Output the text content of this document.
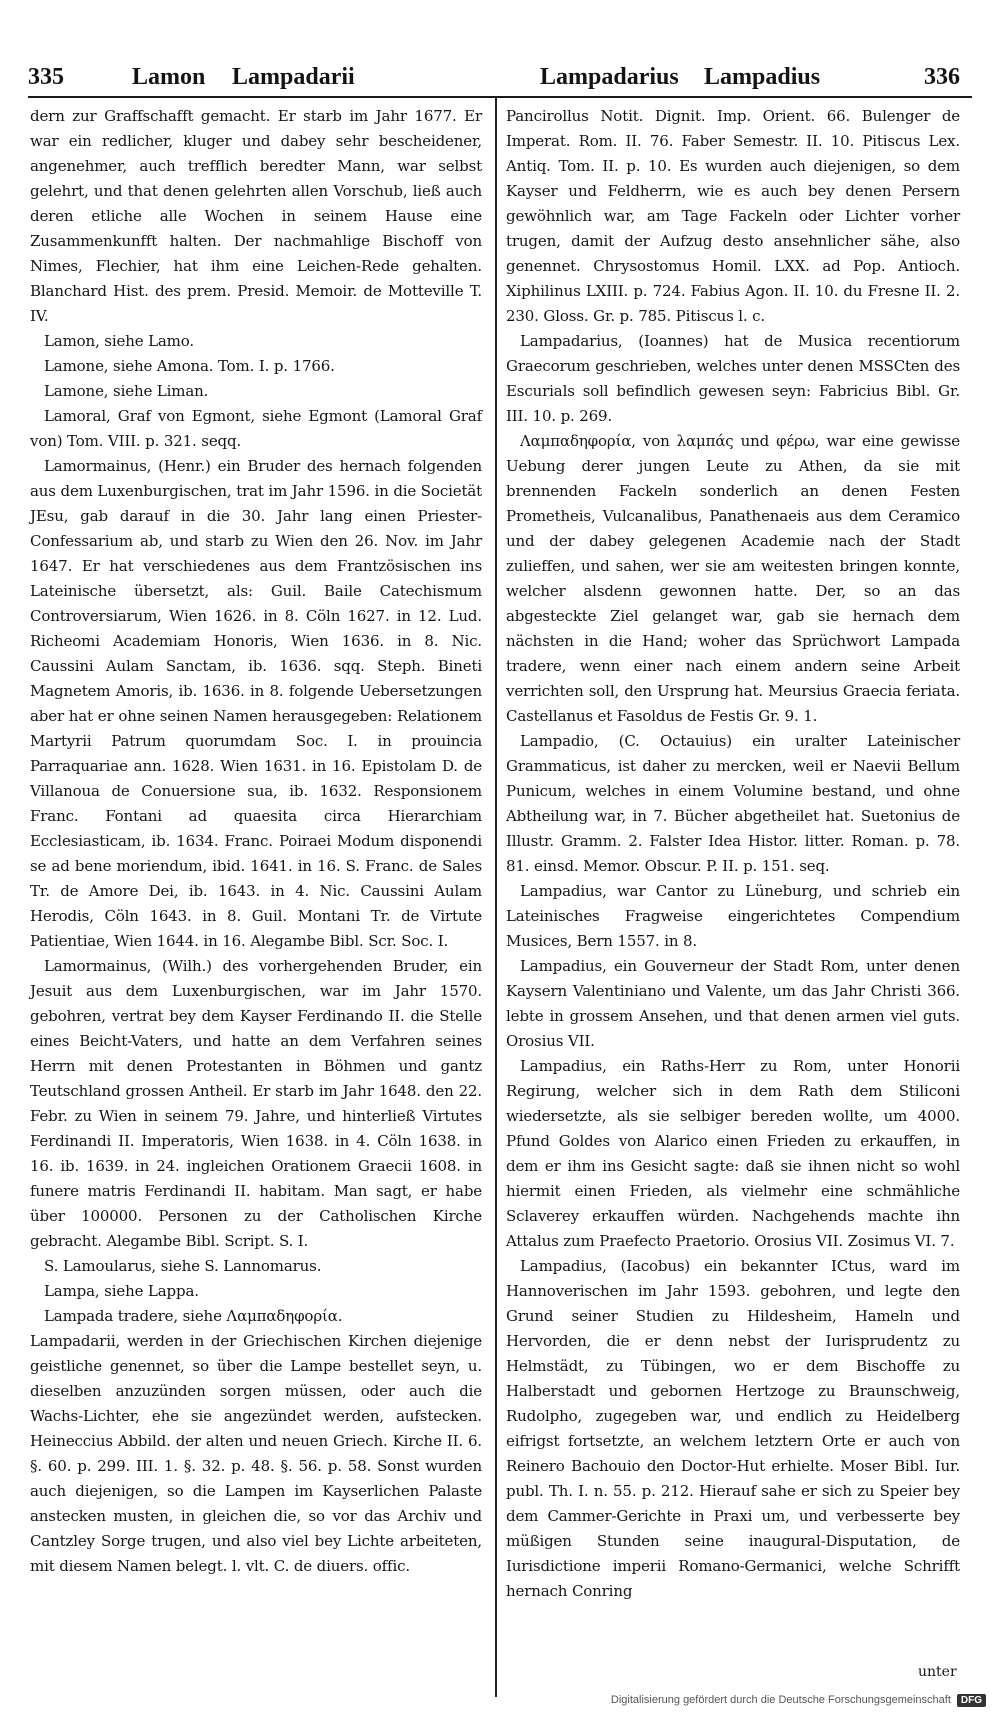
335	Lamon Lampadarii	Lampadarius Lampadius	336

dern zur Graffschafft gemacht. Er starb im Jahr 1677. Er war ein redlicher, kluger und dabey sehr bescheidener, angenehmer, auch trefflich beredter Mann, war selbst gelehrt, und that denen gelehrten allen Vorschub, ließ auch deren etliche alle Wochen in seinem Hause eine Zusammenkunfft halten. Der nachmahlige Bischoff von Nimes, Flechier, hat ihm eine Leichen-Rede gehalten. Blanchard Hist. des prem. Presid. Memoir. de Motteville T. IV.

Lamon, siehe Lamo.

Lamone, siehe Amona. Tom. I. p. 1766.

Lamone, siehe Liman.

Lamoral, Graf von Egmont, siehe Egmont (Lamoral Graf von) Tom. VIII. p. 321. seqq.

Lamormainus, (Henr.) ein Bruder des hernach folgenden aus dem Luxenburgischen, trat im Jahr 1596. in die Societät JEsu, gab darauf in die 30. Jahr lang einen Priester-Confessarium ab, und starb zu Wien den 26. Nov. im Jahr 1647. Er hat verschiedenes aus dem Frantzösischen ins Lateinische übersetzt, als: Guil. Baile Catechismum Controversiarum, Wien 1626. in 8. Cöln 1627. in 12. Lud. Richeomi Academiam Honoris, Wien 1636. in 8. Nic. Caussini Aulam Sanctam, ib. 1636. sqq. Steph. Bineti Magnetem Amoris, ib. 1636. in 8. folgende Uebersetzungen aber hat er ohne seinen Namen herausgegeben: Relationem Martyrii Patrum quorumdam Soc. I. in prouincia Parraquariae ann. 1628. Wien 1631. in 16. Epistolam D. de Villanoua de Conuersione sua, ib. 1632. Responsionem Franc. Fontani ad quaesita circa Hierarchiam Ecclesiasticam, ib. 1634. Franc. Poiraei Modum disponendi se ad bene moriendum, ibid. 1641. in 16. S. Franc. de Sales Tr. de Amore Dei, ib. 1643. in 4. Nic. Caussini Aulam Herodis, Cöln 1643. in 8. Guil. Montani Tr. de Virtute Patientiae, Wien 1644. in 16. Alegambe Bibl. Scr. Soc. I.

Lamormainus, (Wilh.) des vorhergehenden Bruder, ein Jesuit aus dem Luxenburgischen, war im Jahr 1570. gebohren, vertrat bey dem Kayser Ferdinando II. die Stelle eines Beicht-Vaters, und hatte an dem Verfahren seines Herrn mit denen Protestanten in Böhmen und gantz Teutschland grossen Antheil. Er starb im Jahr 1648. den 22. Febr. zu Wien in seinem 79. Jahre, und hinterließ Virtutes Ferdinandi II. Imperatoris, Wien 1638. in 4. Cöln 1638. in 16. ib. 1639. in 24. ingleichen Orationem Graecii 1608. in funere matris Ferdinandi II. habitam. Man sagt, er habe über 100000. Personen zu der Catholischen Kirche gebracht. Alegambe Bibl. Script. S. I.

S. Lamoularus, siehe S. Lannomarus.

Lampa, siehe Lappa.

Lampada tradere, siehe Λαμπαδηφορία.

Lampadarii, werden in der Griechischen Kirchen diejenige geistliche genennet, so über die Lampe bestellet seyn, u. dieselben anzuzünden sorgen müssen, oder auch die Wachs-Lichter, ehe sie angezündet werden, aufstecken. Heineccius Abbild. der alten und neuen Griech. Kirche II. 6. §. 60. p. 299. III. 1. §. 32. p. 48. §. 56. p. 58. Sonst wurden auch diejenigen, so die Lampen im Kayserlichen Palaste anstecken musten, in gleichen die, so vor das Archiv und Cantzley Sorge trugen, und also viel bey Lichte arbeiteten, mit diesem Namen belegt. l. vlt. C. de diuers. offic.

Pancirollus Notit. Dignit. Imp. Orient. 66. Bulenger de Imperat. Rom. II. 76. Faber Semestr. II. 10. Pitiscus Lex. Antiq. Tom. II. p. 10. Es wurden auch diejenigen, so dem Kayser und Feldherrn, wie es auch bey denen Persern gewöhnlich war, am Tage Fackeln oder Lichter vorher trugen, damit der Aufzug desto ansehnlicher sähe, also genennet. Chrysostomus Homil. LXX. ad Pop. Antioch. Xiphilinus LXIII. p. 724. Fabius Agon. II. 10. du Fresne II. 2. 230. Gloss. Gr. p. 785. Pitiscus l. c.

Lampadarius, (Ioannes) hat de Musica recentiorum Graecorum geschrieben, welches unter denen MSSCten des Escurials soll befindlich gewesen seyn: Fabricius Bibl. Gr. III. 10. p. 269.

Λαμπαδηφορία, von λαμπάς und φέρω, war eine gewisse Uebung derer jungen Leute zu Athen, da sie mit brennenden Fackeln sonderlich an denen Festen Prometheis, Vulcanalibus, Panathenaeis aus dem Ceramico und der dabey gelegenen Academie nach der Stadt zulieffen, und sahen, wer sie am weitesten bringen konnte, welcher alsdenn gewonnen hatte. Der, so an das abgesteckte Ziel gelanget war, gab sie hernach dem nächsten in die Hand; woher das Sprüchwort Lampada tradere, wenn einer nach einem andern seine Arbeit verrichten soll, den Ursprung hat. Meursius Graecia feriata. Castellanus et Fasoldus de Festis Gr. 9. 1.

Lampadio, (C. Octauius) ein uralter Lateinischer Grammaticus, ist daher zu mercken, weil er Naevii Bellum Punicum, welches in einem Volumine bestand, und ohne Abtheilung war, in 7. Bücher abgetheilet hat. Suetonius de Illustr. Gramm. 2. Falster Idea Histor. litter. Roman. p. 78. 81. einsd. Memor. Obscur. P. II. p. 151. seq.

Lampadius, war Cantor zu Lüneburg, und schrieb ein Lateinisches Fragweise eingerichtetes Compendium Musices, Bern 1557. in 8.

Lampadius, ein Gouverneur der Stadt Rom, unter denen Kaysern Valentiniano und Valente, um das Jahr Christi 366. lebte in grossem Ansehen, und that denen armen viel guts. Orosius VII.

Lampadius, ein Raths-Herr zu Rom, unter Honorii Regirung, welcher sich in dem Rath dem Stiliconi wiedersetzte, als sie selbiger bereden wollte, um 4000. Pfund Goldes von Alarico einen Frieden zu erkauffen, in dem er ihm ins Gesicht sagte: daß sie ihnen nicht so wohl hiermit einen Frieden, als vielmehr eine schmähliche Sclaverey erkauffen würden. Nachgehends machte ihn Attalus zum Praefecto Praetorio. Orosius VII. Zosimus VI. 7.

Lampadius, (Iacobus) ein bekannter ICtus, ward im Hannoverischen im Jahr 1593. gebohren, und legte den Grund seiner Studien zu Hildesheim, Hameln und Hervorden, die er denn nebst der Iurisprudentz zu Helmstädt, zu Tübingen, wo er dem Bischoffe zu Halberstadt und gebornen Hertzoge zu Braunschweig, Rudolpho, zugegeben war, und endlich zu Heidelberg eifrigst fortsetzte, an welchem letztern Orte er auch von Reinero Bachouio den Doctor-Hut erhielte. Moser Bibl. Iur. publ. Th. I. n. 55. p. 212. Hierauf sahe er sich zu Speier bey dem Cammer-Gerichte in Praxi um, und verbesserte bey müßigen Stunden seine inaugural-Disputation, de Iurisdictione imperii Romano-Germanici, welche Schrifft hernach Conring

unter
Digitalisierung gefördert durch die Deutsche Forschungsgemeinschaft	DFG
